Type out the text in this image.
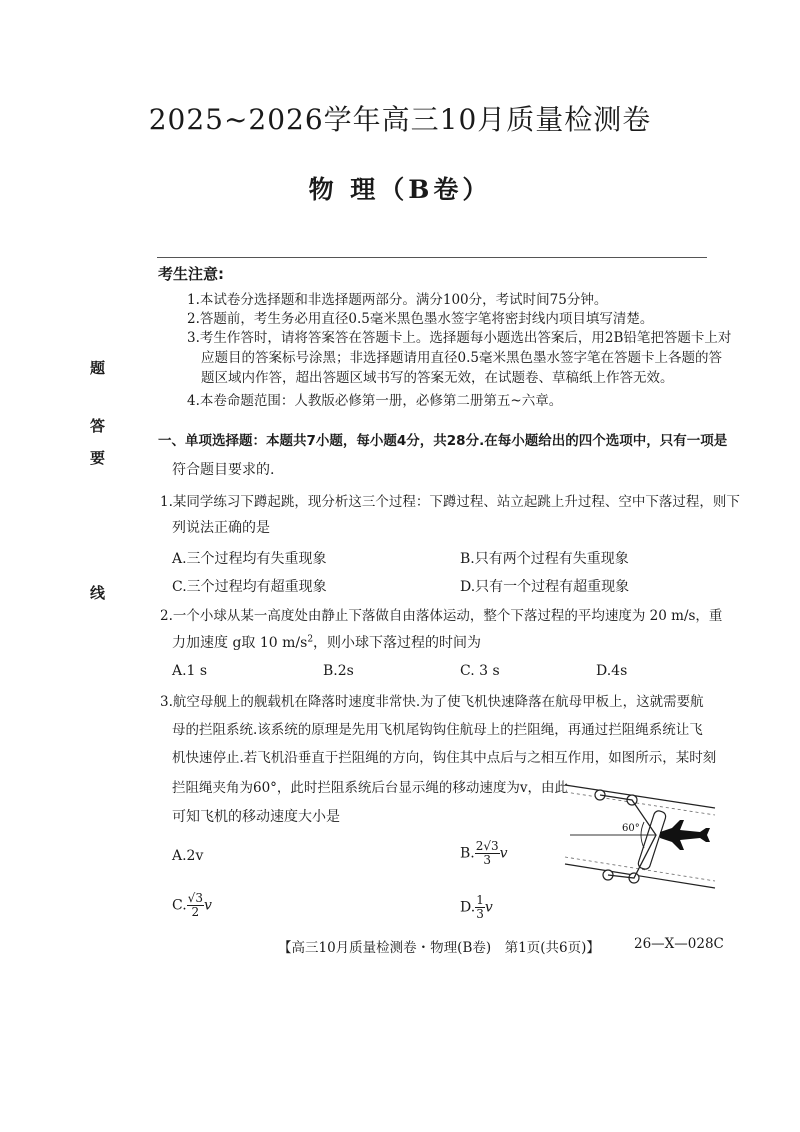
2025~2026学年高三10月质量检测卷
物 理（B卷）
考生注意:
1.本试卷分选择题和非选择题两部分。满分100分，考试时间75分钟。
2.答题前，考生务必用直径0.5毫米黑色墨水签字笔将密封线内项目填写清楚。
3.考生作答时，请将答案答在答题卡上。选择题每小题选出答案后，用2B铅笔把答题卡上对
应题目的答案标号涂黑；非选择题请用直径0.5毫米黑色墨水签字笔在答题卡上各题的答
题区域内作答，超出答题区域书写的答案无效，在试题卷、草稿纸上作答无效。
4.本卷命题范围：人教版必修第一册，必修第二册第五~六章。
题
答
要
线
一、单项选择题：本题共7小题，每小题4分，共28分.在每小题给出的四个选项中，只有一项是
符合题目要求的.
1.某同学练习下蹲起跳，现分析这三个过程：下蹲过程、站立起跳上升过程、空中下落过程，则下
列说法正确的是
A.三个过程均有失重现象	B.只有两个过程有失重现象
C.三个过程均有超重现象	D.只有一个过程有超重现象
2.一个小球从某一高度处由静止下落做自由落体运动，整个下落过程的平均速度为 20 m/s，重
力加速度 g取 10 $m/s^2$，则小球下落过程的时间为
A.1 s	B.2s	C. 3 s	D.4s
3.航空母舰上的舰载机在降落时速度非常快.为了使飞机快速降落在航母甲板上，这就需要航
母的拦阻系统.该系统的原理是先用飞机尾钩钩住航母上的拦阻绳，再通过拦阻绳系统让飞
机快速停止.若飞机沿垂直于拦阻绳的方向，钩住其中点后与之相互作用，如图所示，某时刻
拦阻绳夹角为60°，此时拦阻系统后台显示绳的移动速度为v，由此
可知飞机的移动速度大小是
60°
A.2v	B. $\frac{2√3}{3}$ v
C. $\frac{√3}{2}$ v	D. $\frac{1}{3}$ v
【高三10月质量检测卷・物理(B卷)　第1页(共6页)】	26—X—028C
